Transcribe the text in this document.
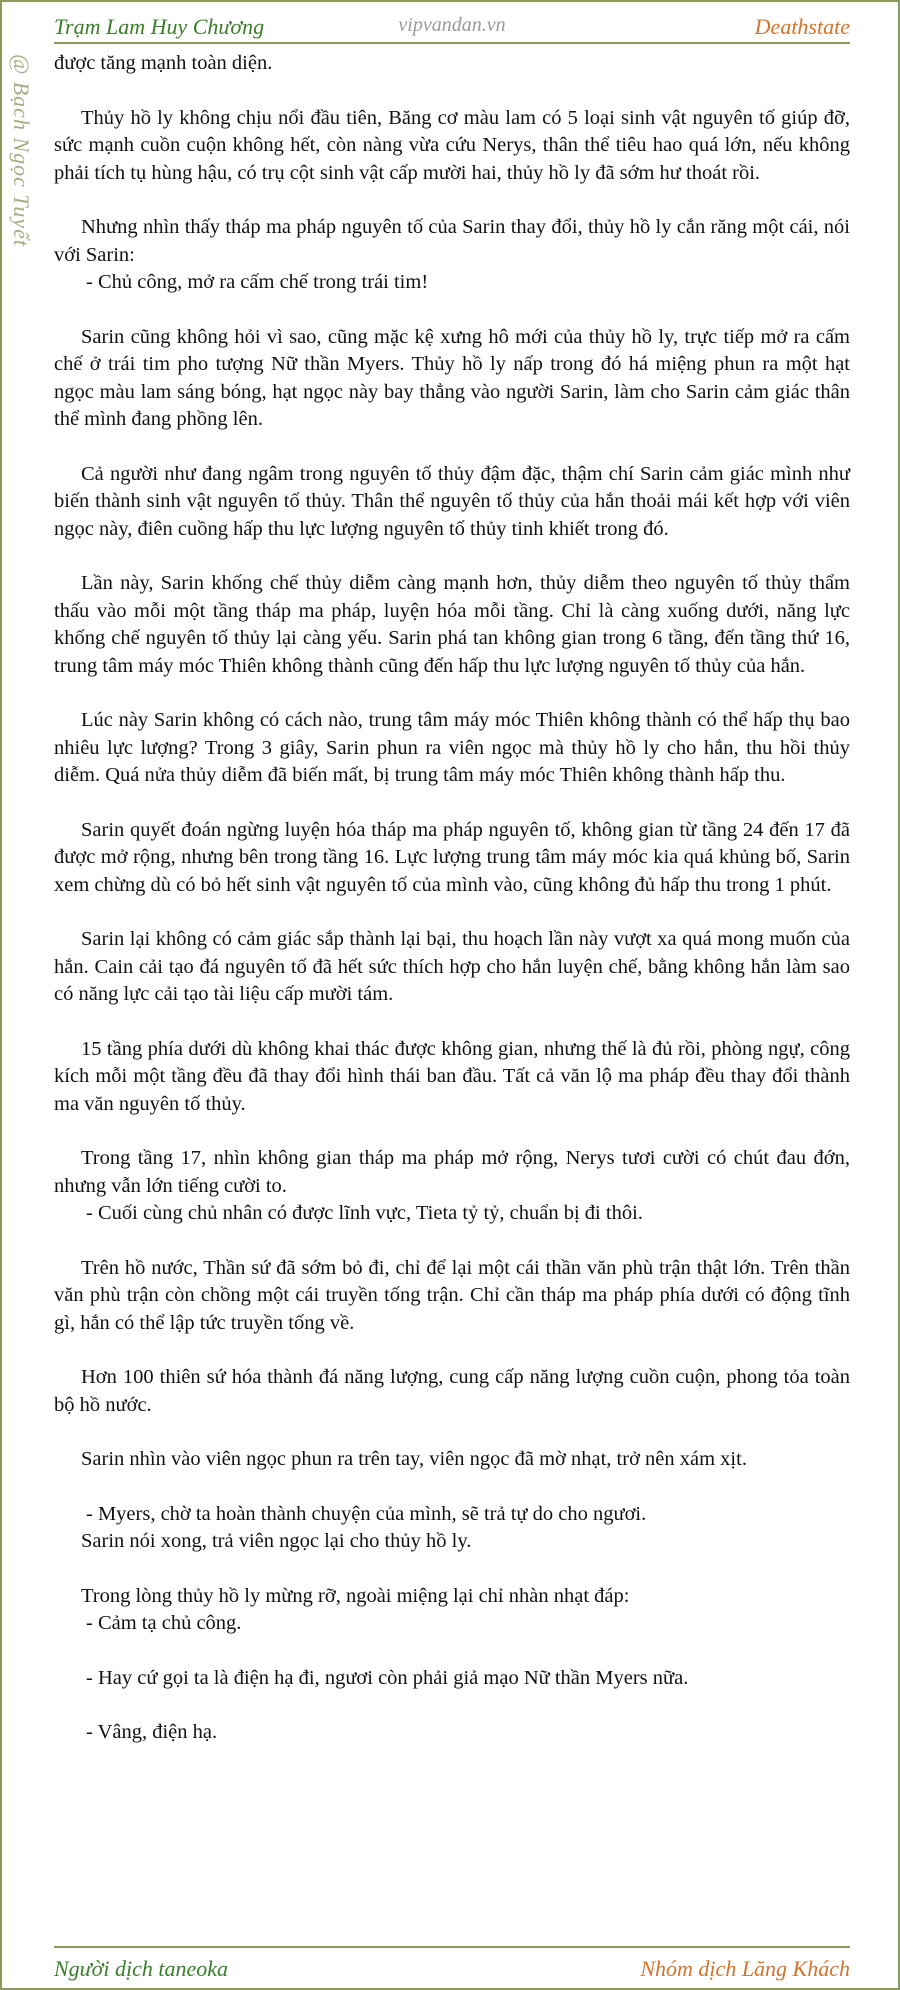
Trạm Lam Huy Chương	vipvandan.vn	Deathstate
@ Bạch Ngọc Tuyết được tăng mạnh toàn diện.

Thủy hồ ly không chịu nổi đầu tiên, Băng cơ màu lam có 5 loại sinh vật nguyên tố giúp đỡ, sức mạnh cuồn cuộn không hết, còn nàng vừa cứu Nerys, thân thể tiêu hao quá lớn, nếu không phải tích tụ hùng hậu, có trụ cột sinh vật cấp mười hai, thủy hồ ly đã sớm hư thoát rồi.

Nhưng nhìn thấy tháp ma pháp nguyên tố của Sarin thay đổi, thủy hồ ly cắn răng một cái, nói với Sarin:

- Chủ công, mở ra cấm chế trong trái tim!

Sarin cũng không hỏi vì sao, cũng mặc kệ xưng hô mới của thủy hồ ly, trực tiếp mở ra cấm chế ở trái tim pho tượng Nữ thần Myers. Thủy hồ ly nấp trong đó há miệng phun ra một hạt ngọc màu lam sáng bóng, hạt ngọc này bay thẳng vào người Sarin, làm cho Sarin cảm giác thân thể mình đang phồng lên.

Cả người như đang ngâm trong nguyên tố thủy đậm đặc, thậm chí Sarin cảm giác mình như biến thành sinh vật nguyên tố thủy. Thân thể nguyên tố thủy của hắn thoải mái kết hợp với viên ngọc này, điên cuồng hấp thu lực lượng nguyên tố thủy tinh khiết trong đó.

Lần này, Sarin khống chế thủy diễm càng mạnh hơn, thủy diễm theo nguyên tố thủy thẩm thấu vào mỗi một tầng tháp ma pháp, luyện hóa mỗi tầng. Chỉ là càng xuống dưới, năng lực khống chế nguyên tố thủy lại càng yếu. Sarin phá tan không gian trong 6 tầng, đến tầng thứ 16, trung tâm máy móc Thiên không thành cũng đến hấp thu lực lượng nguyên tố thủy của hắn.

Lúc này Sarin không có cách nào, trung tâm máy móc Thiên không thành có thể hấp thụ bao nhiêu lực lượng? Trong 3 giây, Sarin phun ra viên ngọc mà thủy hồ ly cho hắn, thu hồi thủy diễm. Quá nửa thủy diễm đã biến mất, bị trung tâm máy móc Thiên không thành hấp thu.

Sarin quyết đoán ngừng luyện hóa tháp ma pháp nguyên tố, không gian từ tầng 24 đến 17 đã được mở rộng, nhưng bên trong tầng 16. Lực lượng trung tâm máy móc kia quá khủng bố, Sarin xem chừng dù có bỏ hết sinh vật nguyên tố của mình vào, cũng không đủ hấp thu trong 1 phút.

Sarin lại không có cảm giác sắp thành lại bại, thu hoạch lần này vượt xa quá mong muốn của hắn. Cain cải tạo đá nguyên tố đã hết sức thích hợp cho hắn luyện chế, bằng không hắn làm sao có năng lực cải tạo tài liệu cấp mười tám.

15 tầng phía dưới dù không khai thác được không gian, nhưng thế là đủ rồi, phòng ngự, công kích mỗi một tầng đều đã thay đổi hình thái ban đầu. Tất cả văn lộ ma pháp đều thay đổi thành ma văn nguyên tố thủy.

Trong tầng 17, nhìn không gian tháp ma pháp mở rộng, Nerys tươi cười có chút đau đớn, nhưng vẫn lớn tiếng cười to.

- Cuối cùng chủ nhân có được lĩnh vực, Tieta tỷ tỷ, chuẩn bị đi thôi.

Trên hồ nước, Thần sứ đã sớm bỏ đi, chỉ để lại một cái thần văn phù trận thật lớn. Trên thần văn phù trận còn chồng một cái truyền tống trận. Chỉ cần tháp ma pháp phía dưới có động tĩnh gì, hắn có thể lập tức truyền tống về.

Hơn 100 thiên sứ hóa thành đá năng lượng, cung cấp năng lượng cuồn cuộn, phong tỏa toàn bộ hồ nước.

Sarin nhìn vào viên ngọc phun ra trên tay, viên ngọc đã mờ nhạt, trở nên xám xịt.

- Myers, chờ ta hoàn thành chuyện của mình, sẽ trả tự do cho ngươi.

Sarin nói xong, trả viên ngọc lại cho thủy hồ ly.

Trong lòng thủy hồ ly mừng rỡ, ngoài miệng lại chỉ nhàn nhạt đáp:

- Cảm tạ chủ công.

- Hay cứ gọi ta là điện hạ đi, ngươi còn phải giả mạo Nữ thần Myers nữa.

- Vâng, điện hạ.

Người dịch taneoka	Nhóm dịch Lăng Khách
